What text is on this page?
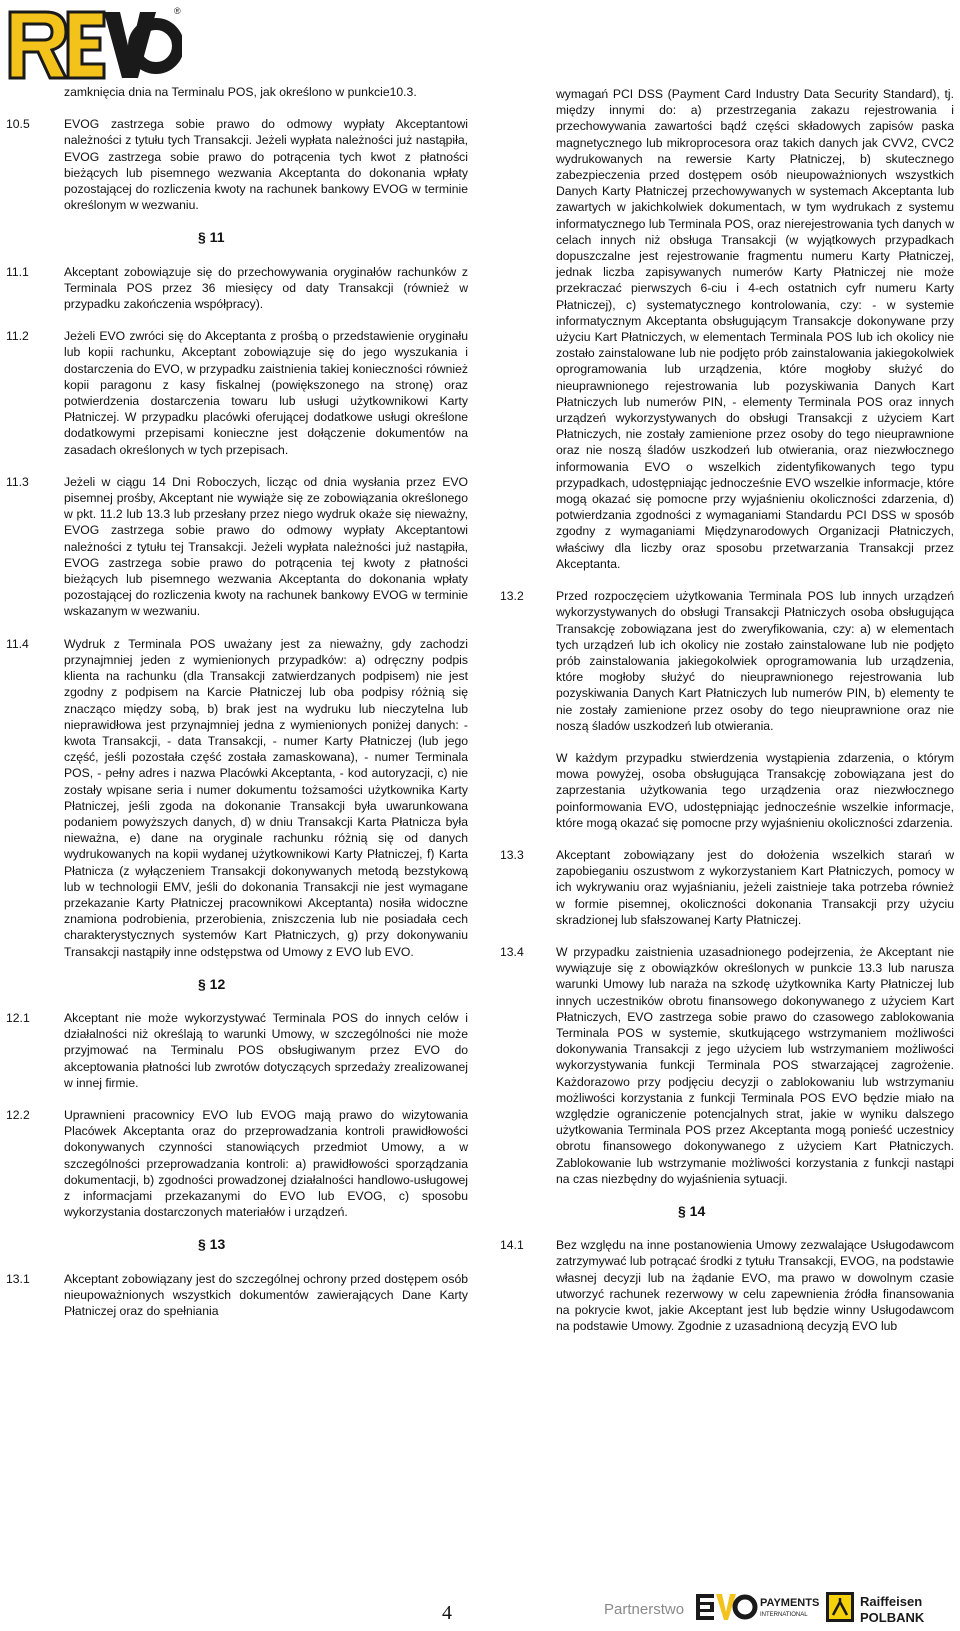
®
zamknięcia dnia na Terminalu POS, jak określono w punkcie10.3.
10.5	EVOG zastrzega sobie prawo do odmowy wypłaty Akceptantowi należności z tytułu tych Transakcji. Jeżeli wypłata należności już nastąpiła, EVOG zastrzega sobie prawo do potrącenia tych kwot z płatności bieżących lub pisemnego wezwania Akceptanta do dokonania wpłaty pozostającej do rozliczenia kwoty na rachunek bankowy EVOG w terminie określonym w wezwaniu.
§ 11
11.1	Akceptant zobowiązuje się do przechowywania oryginałów rachunków z Terminala POS przez 36 miesięcy od daty Transakcji (również w przypadku zakończenia współpracy).
11.2	Jeżeli EVO zwróci się do Akceptanta z prośbą o przedstawienie oryginału lub kopii rachunku, Akceptant zobowiązuje się do jego wyszukania i dostarczenia do EVO, w przypadku zaistnienia takiej konieczności również kopii paragonu z kasy fiskalnej (powiększonego na stronę) oraz potwierdzenia dostarczenia towaru lub usługi użytkownikowi Karty Płatniczej. W przypadku placówki oferującej dodatkowe usługi określone dodatkowymi przepisami konieczne jest dołączenie dokumentów na zasadach określonych w tych przepisach.
11.3	Jeżeli w ciągu 14 Dni Roboczych, licząc od dnia wysłania przez EVO pisemnej prośby, Akceptant nie wywiąże się ze zobowiązania określonego w pkt. 11.2 lub 13.3 lub przesłany przez niego wydruk okaże się nieważny, EVOG zastrzega sobie prawo do odmowy wypłaty Akceptantowi należności z tytułu tej Transakcji. Jeżeli wypłata należności już nastąpiła, EVOG zastrzega sobie prawo do potrącenia tej kwoty z płatności bieżących lub pisemnego wezwania Akceptanta do dokonania wpłaty pozostającej do rozliczenia kwoty na rachunek bankowy EVOG w terminie wskazanym w wezwaniu.
11.4	Wydruk z Terminala POS uważany jest za nieważny, gdy zachodzi przynajmniej jeden z wymienionych przypadków: a) odręczny podpis klienta na rachunku (dla Transakcji zatwierdzanych podpisem) nie jest zgodny z podpisem na Karcie Płatniczej lub oba podpisy różnią się znacząco między sobą, b) brak jest na wydruku lub nieczytelna lub nieprawidłowa jest przynajmniej jedna z wymienionych poniżej danych: - kwota Transakcji, - data Transakcji, - numer Karty Płatniczej (lub jego część, jeśli pozostała część została zamaskowana), - numer Terminala POS, - pełny adres i nazwa Placówki Akceptanta, - kod autoryzacji, c) nie zostały wpisane seria i numer dokumentu tożsamości użytkownika Karty Płatniczej, jeśli zgoda na dokonanie Transakcji była uwarunkowana podaniem powyższych danych, d) w dniu Transakcji Karta Płatnicza była nieważna, e) dane na oryginale rachunku różnią się od danych wydrukowanych na kopii wydanej użytkownikowi Karty Płatniczej, f) Karta Płatnicza (z wyłączeniem Transakcji dokonywanych metodą bezstykową lub w technologii EMV, jeśli do dokonania Transakcji nie jest wymagane przekazanie Karty Płatniczej pracownikowi Akceptanta) nosiła widoczne znamiona podrobienia, przerobienia, zniszczenia lub nie posiadała cech charakterystycznych systemów Kart Płatniczych, g) przy dokonywaniu Transakcji nastąpiły inne odstępstwa od Umowy z EVO lub EVO.
§ 12
12.1	Akceptant nie może wykorzystywać Terminala POS do innych celów i działalności niż określają to warunki Umowy, w szczególności nie może przyjmować na Terminalu POS obsługiwanym przez EVO do akceptowania płatności lub zwrotów dotyczących sprzedaży zrealizowanej w innej firmie.
12.2	Uprawnieni pracownicy EVO lub EVOG mają prawo do wizytowania Placówek Akceptanta oraz do przeprowadzania kontroli prawidłowości dokonywanych czynności stanowiących przedmiot Umowy, a w szczególności przeprowadzania kontroli: a) prawidłowości sporządzania dokumentacji, b) zgodności prowadzonej działalności handlowo-usługowej z informacjami przekazanymi do EVO lub EVOG, c) sposobu wykorzystania dostarczonych materiałów i urządzeń.
§ 13
13.1	Akceptant zobowiązany jest do szczególnej ochrony przed dostępem osób nieupoważnionych wszystkich dokumentów zawierających Dane Karty Płatniczej oraz do spełniania
wymagań PCI DSS (Payment Card Industry Data Security Standard), tj. między innymi do: a) przestrzegania zakazu rejestrowania i przechowywania zawartości bądź części składowych zapisów paska magnetycznego lub mikroprocesora oraz takich danych jak CVV2, CVC2 wydrukowanych na rewersie Karty Płatniczej, b) skutecznego zabezpieczenia przed dostępem osób nieupoważnionych wszystkich Danych Karty Płatniczej przechowywanych w systemach Akceptanta lub zawartych w jakichkolwiek dokumentach, w tym wydrukach z systemu informatycznego lub Terminala POS, oraz nierejestrowania tych danych w celach innych niż obsługa Transakcji (w wyjątkowych przypadkach dopuszczalne jest rejestrowanie fragmentu numeru Karty Płatniczej, jednak liczba zapisywanych numerów Karty Płatniczej nie może przekraczać pierwszych 6-ciu i 4-ech ostatnich cyfr numeru Karty Płatniczej), c) systematycznego kontrolowania, czy: - w systemie informatycznym Akceptanta obsługującym Transakcje dokonywane przy użyciu Kart Płatniczych, w elementach Terminala POS lub ich okolicy nie zostało zainstalowane lub nie podjęto prób zainstalowania jakiegokolwiek oprogramowania lub urządzenia, które mogłoby służyć do nieuprawnionego rejestrowania lub pozyskiwania Danych Kart Płatniczych lub numerów PIN, - elementy Terminala POS oraz innych urządzeń wykorzystywanych do obsługi Transakcji z użyciem Kart Płatniczych, nie zostały zamienione przez osoby do tego nieuprawnione oraz nie noszą śladów uszkodzeń lub otwierania, oraz niezwłocznego informowania EVO o wszelkich zidentyfikowanych tego typu przypadkach, udostępniając jednocześnie EVO wszelkie informacje, które mogą okazać się pomocne przy wyjaśnieniu okoliczności zdarzenia, d) potwierdzania zgodności z wymaganiami Standardu PCI DSS w sposób zgodny z wymaganiami Międzynarodowych Organizacji Płatniczych, właściwy dla liczby oraz sposobu przetwarzania Transakcji przez Akceptanta.
13.2	Przed rozpoczęciem użytkowania Terminala POS lub innych urządzeń wykorzystywanych do obsługi Transakcji Płatniczych osoba obsługująca Transakcję zobowiązana jest do zweryfikowania, czy: a) w elementach tych urządzeń lub ich okolicy nie zostało zainstalowane lub nie podjęto prób zainstalowania jakiegokolwiek oprogramowania lub urządzenia, które mogłoby służyć do nieuprawnionego rejestrowania lub pozyskiwania Danych Kart Płatniczych lub numerów PIN, b) elementy te nie zostały zamienione przez osoby do tego nieuprawnione oraz nie noszą śladów uszkodzeń lub otwierania.
W każdym przypadku stwierdzenia wystąpienia zdarzenia, o którym mowa powyżej, osoba obsługująca Transakcję zobowiązana jest do zaprzestania użytkowania tego urządzenia oraz niezwłocznego poinformowania EVO, udostępniając jednocześnie wszelkie informacje, które mogą okazać się pomocne przy wyjaśnieniu okoliczności zdarzenia.
13.3	Akceptant zobowiązany jest do dołożenia wszelkich starań w zapobieganiu oszustwom z wykorzystaniem Kart Płatniczych, pomocy w ich wykrywaniu oraz wyjaśnianiu, jeżeli zaistnieje taka potrzeba również w formie pisemnej, okoliczności dokonania Transakcji przy użyciu skradzionej lub sfałszowanej Karty Płatniczej.
13.4	W przypadku zaistnienia uzasadnionego podejrzenia, że Akceptant nie wywiązuje się z obowiązków określonych w punkcie 13.3 lub narusza warunki Umowy lub naraża na szkodę użytkownika Karty Płatniczej lub innych uczestników obrotu finansowego dokonywanego z użyciem Kart Płatniczych, EVO zastrzega sobie prawo do czasowego zablokowania Terminala POS w systemie, skutkującego wstrzymaniem możliwości dokonywania Transakcji z jego użyciem lub wstrzymaniem możliwości wykorzystywania funkcji Terminala POS stwarzającej zagrożenie. Każdorazowo przy podjęciu decyzji o zablokowaniu lub wstrzymaniu możliwości korzystania z funkcji Terminala POS EVO będzie miało na względzie ograniczenie potencjalnych strat, jakie w wyniku dalszego użytkowania Terminala POS przez Akceptanta mogą ponieść uczestnicy obrotu finansowego dokonywanego z użyciem Kart Płatniczych. Zablokowanie lub wstrzymanie możliwości korzystania z funkcji nastąpi na czas niezbędny do wyjaśnienia sytuacji.
§ 14
14.1	Bez względu na inne postanowienia Umowy zezwalające Usługodawcom zatrzymywać lub potrącać środki z tytułu Transakcji, EVOG, na podstawie własnej decyzji lub na żądanie EVO, ma prawo w dowolnym czasie utworzyć rachunek rezerwowy w celu zapewnienia źródła finansowania na pokrycie kwot, jakie Akceptant jest lub będzie winny Usługodawcom na podstawie Umowy. Zgodnie z uzasadnioną decyzją EVO lub
4	Partnerstwo	PAYMENTS
INTERNATIONAL
Raiffeisen
POLBANK
